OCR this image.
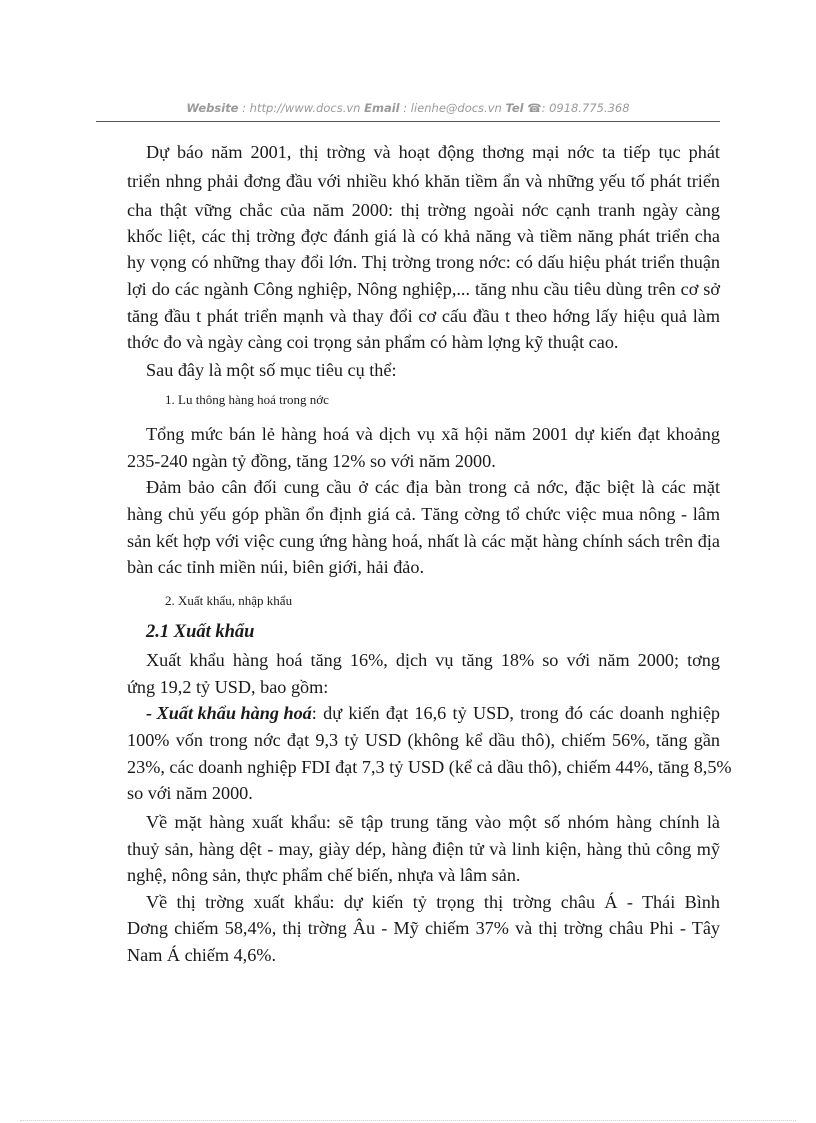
Website : http://www.docs.vn Email : lienhe@docs.vn Tel ☎: 0918.775.368
Dự báo năm 2001, thị trờng và hoạt động thơng mại nớc ta tiếp tục phát
triển nhng phải đơng đầu với nhiều khó khăn tiềm ẩn và những yếu tố phát triển
cha thật vững chắc của năm 2000: thị trờng ngoài nớc cạnh tranh ngày càng
khốc liệt, các thị trờng đợc đánh giá là có khả năng và tiềm năng phát triển cha
hy vọng có những thay đổi lớn. Thị trờng trong nớc: có dấu hiệu phát triển thuận
lợi do các ngành Công nghiệp, Nông nghiệp,... tăng nhu cầu tiêu dùng trên cơ sở
tăng đầu t phát triển mạnh và thay đổi cơ cấu đầu t theo hớng lấy hiệu quả làm
thớc đo và ngày càng coi trọng sản phẩm có hàm lợng kỹ thuật cao.
Sau đây là một số mục tiêu cụ thể:
1. Lu thông hàng hoá trong nớc
Tổng mức bán lẻ hàng hoá và dịch vụ xã hội năm 2001 dự kiến đạt khoảng
235-240 ngàn tỷ đồng, tăng 12% so với năm 2000.
Đảm bảo cân đối cung cầu ở các địa bàn trong cả nớc, đặc biệt là các mặt
hàng chủ yếu góp phần ổn định giá cả. Tăng cờng tổ chức việc mua nông - lâm
sản kết hợp với việc cung ứng hàng hoá, nhất là các mặt hàng chính sách trên địa
bàn các tỉnh miền núi, biên giới, hải đảo.
2. Xuất khẩu, nhập khẩu
2.1 Xuất khẩu
Xuất khẩu hàng hoá tăng 16%, dịch vụ tăng 18% so với năm 2000; tơng
ứng 19,2 tỷ USD, bao gồm:
- Xuất khẩu hàng hoá : dự kiến đạt 16,6 tỷ USD, trong đó các doanh nghiệp
100% vốn trong nớc đạt 9,3 tỷ USD (không kể dầu thô), chiếm 56%, tăng gần
23%, các doanh nghiệp FDI đạt 7,3 tỷ USD (kể cả dầu thô), chiếm 44%, tăng 8,5%
so với năm 2000.
Về mặt hàng xuất khẩu: sẽ tập trung tăng vào một số nhóm hàng chính là
thuỷ sản, hàng dệt - may, giày dép, hàng điện tử và linh kiện, hàng thủ công mỹ
nghệ, nông sản, thực phẩm chế biến, nhựa và lâm sản.
Về thị trờng xuất khẩu: dự kiến tỷ trọng thị trờng châu Á - Thái Bình
Dơng chiếm 58,4%, thị trờng Âu - Mỹ chiếm 37% và thị trờng châu Phi - Tây
Nam Á chiếm 4,6%.
